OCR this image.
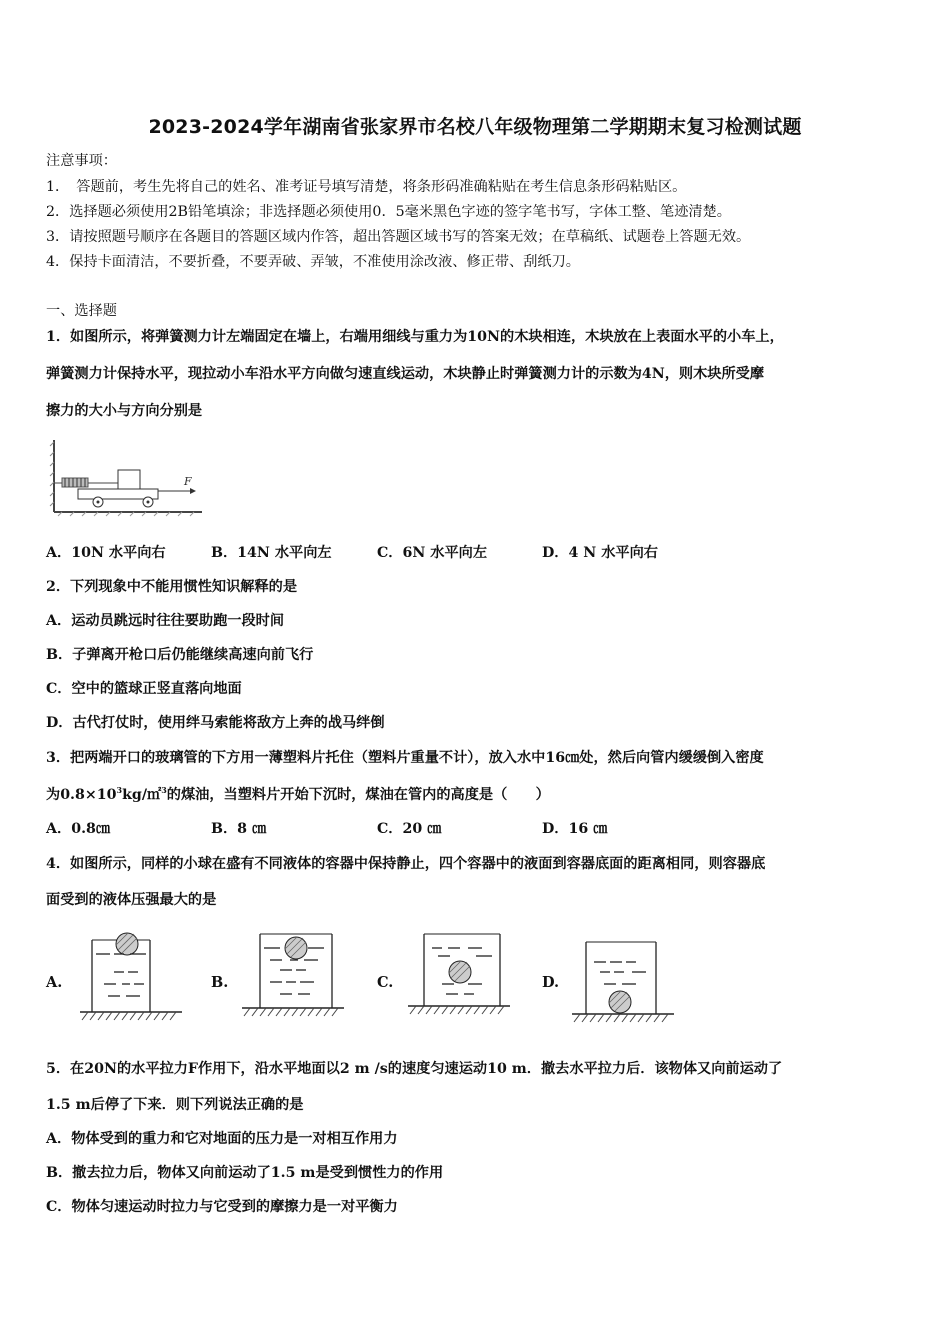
2023-2024学年湖南省张家界市名校八年级物理第二学期期末复习检测试题
注意事项：
1．　答题前，考生先将自己的姓名、准考证号填写清楚，将条形码准确粘贴在考生信息条形码粘贴区。
2．选择题必须使用2B铅笔填涂；非选择题必须使用0．5毫米黑色字迹的签字笔书写，字体工整、笔迹清楚。
3．请按照题号顺序在各题目的答题区域内作答，超出答题区域书写的答案无效；在草稿纸、试题卷上答题无效。
4．保持卡面清洁，不要折叠，不要弄破、弄皱，不准使用涂改液、修正带、刮纸刀。
一、选择题
1．如图所示，将弹簧测力计左端固定在墙上，右端用细线与重力为10N的木块相连，木块放在上表面水平的小车上，
弹簧测力计保持水平，现拉动小车沿水平方向做匀速直线运动，木块静止时弹簧测力计的示数为4N，则木块所受摩
擦力的大小与方向分别是
F
A．10N 水平向右	B．14N 水平向左	C．6N 水平向左	D．4 N 水平向右
2．下列现象中不能用惯性知识解释的是
A．运动员跳远时往往要助跑一段时间
B．子弹离开枪口后仍能继续高速向前飞行
C．空中的篮球正竖直落向地面
D．古代打仗时，使用绊马索能将敌方上奔的战马绊倒
3．把两端开口的玻璃管的下方用一薄塑料片托住（塑料片重量不计），放入水中16㎝处，然后向管内缓缓倒入密度
为$0.8\times 10^3kg/㎡^3$的煤油，当塑料片开始下沉时，煤油在管内的高度是（　　）
A．0.8㎝	B．8 ㎝	C．20 ㎝	D．16 ㎝
4．如图所示，同样的小球在盛有不同液体的容器中保持静止，四个容器中的液面到容器底面的距离相同，则容器底
面受到的液体压强最大的是
A.	B.	C.	D.
5．在20N的水平拉力F作用下，沿水平地面以2 m /s的速度匀速运动10 m．撤去水平拉力后．该物体又向前运动了
1.5 m后停了下来．则下列说法正确的是
A．物体受到的重力和它对地面的压力是一对相互作用力
B．撤去拉力后，物体又向前运动了1.5 m是受到惯性力的作用
C．物体匀速运动时拉力与它受到的摩擦力是一对平衡力
